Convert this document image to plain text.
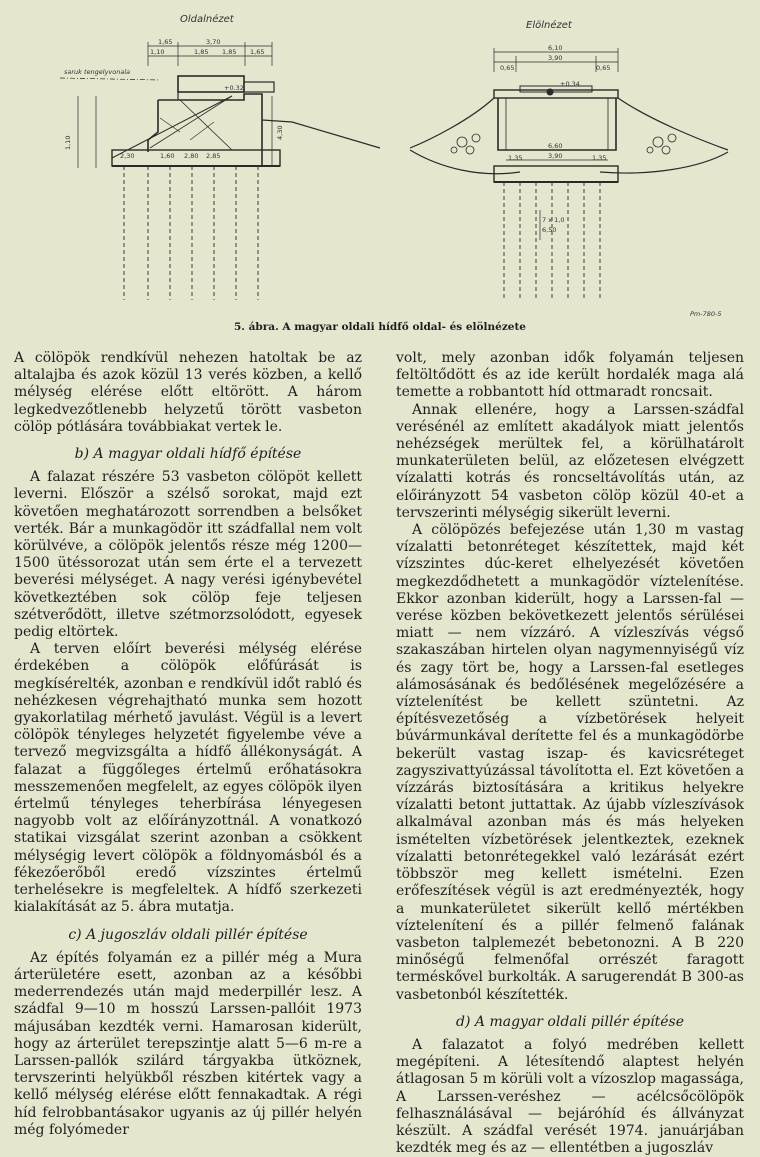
Oldalnézet
Elölnézet
1,65	3,70
1,10	1,85 1,85 1,65
saruk tengelyvonala
+0.32
1,10
2,30	1,60 2,80 2,85
4,30
6,10
3,90
0,65	0,65
+0.34
6,60
3,90
1,35	1,35
7 x 1,0
6,50
Pm-780-5
5. ábra. A magyar oldali hídfő oldal- és elölnézete

A cölöpök rendkívül nehezen hatoltak be az altalajba és azok közül 13 verés közben, a kellő mélység elérése előtt eltörött. A három legkedvezőtlenebb helyzetű törött vasbeton cölöp pótlására továbbiakat vertek le.

b) A magyar oldali hídfő építése

A falazat részére 53 vasbeton cölöpöt kellett leverni. Először a szélső sorokat, majd ezt követően meghatározott sorrendben a belsőket verték. Bár a munkagödör itt szádfallal nem volt körülvéve, a cölöpök jelentős része még 1200—1500 ütéssorozat után sem érte el a tervezett beverési mélységet. A nagy verési igénybevétel következtében sok cölöp feje teljesen szétverődött, illetve szétmorzsolódott, egyesek pedig eltörtek.

A terven előírt beverési mélység elérése érdekében a cölöpök előfúrását is megkísérelték, azonban e rendkívül időt rabló és nehézkesen végrehajtható munka sem hozott gyakorlatilag mérhető javulást. Végül is a levert cölöpök tényleges helyzetét figyelembe véve a tervező megvizsgálta a hídfő állékonyságát. A falazat a függőleges értelmű erőhatásokra messzemenően megfelelt, az egyes cölöpök ilyen értelmű tényleges teherbírása lényegesen nagyobb volt az előírányzottnál. A vonatkozó statikai vizsgálat szerint azonban a csökkent mélységig levert cölöpök a földnyomásból és a fékezőerőből eredő vízszintes értelmű terhelésekre is megfeleltek. A hídfő szerkezeti kialakítását az 5. ábra mutatja.

c) A jugoszláv oldali pillér építése

Az építés folyamán ez a pillér még a Mura árterületére esett, azonban az a későbbi mederrendezés után majd mederpillér lesz. A szádfal 9—10 m hosszú Larssen-pallóit 1973 májusában kezdték verni. Hamarosan kiderült, hogy az árterület terepszintje alatt 5—6 m-re a Larssen-pallók szilárd tárgyakba ütköznek, tervszerinti helyükből részben kitértek vagy a kellő mélység elérése előtt fennakadtak. A régi híd felrobbantásakor ugyanis az új pillér helyén még folyómeder

volt, mely azonban idők folyamán teljesen feltöltődött és az ide került hordalék maga alá temette a robbantott híd ottmaradt roncsait.

Annak ellenére, hogy a Larssen-szádfal verésénél az említett akadályok miatt jelentős nehézségek merültek fel, a körülhatárolt munkaterületen belül, az előzetesen elvégzett vízalatti kotrás és roncseltávolítás után, az előirányzott 54 vasbeton cölöp közül 40-et a tervszerinti mélységig sikerült leverni.

A cölöpözés befejezése után 1,30 m vastag vízalatti betonréteget készítettek, majd két vízszintes dúc-keret elhelyezését követően megkezdődhetett a munkagödör víztelenítése. Ekkor azonban kiderült, hogy a Larssen-fal — verése közben bekövetkezett jelentős sérülései miatt — nem vízzáró. A vízleszívás végső szakaszában hirtelen olyan nagymennyiségű víz és zagy tört be, hogy a Larssen-fal esetleges alámosásának és bedőlésének megelőzésére a víztelenítést be kellett szüntetni. Az építésvezetőség a vízbetörések helyeit búvármunkával derítette fel és a munkagödörbe bekerült vastag iszap- és kavicsréteget zagyszivattyúzással távolította el. Ezt követően a vízzárás biztosítására a kritikus helyekre vízalatti betont juttattak. Az újabb vízleszívások alkalmával azonban más és más helyeken ismételten vízbetörések jelentkeztek, ezeknek vízalatti betonrétegekkel való lezárását ezért többször meg kellett ismételni. Ezen erőfeszítések végül is azt eredményezték, hogy a munkaterületet sikerült kellő mértékben víztelenítení és a pillér felmenő falának vasbeton talplemezét bebetonozni. A B 220 minőségű felmenőfal orrészét faragott terméskővel burkolták. A sarugerendát B 300-as vasbetonból készítették.

d) A magyar oldali pillér építése

A falazatot a folyó medrében kellett megépíteni. A létesítendő alaptest helyén átlagosan 5 m körüli volt a vízoszlop magassága, A Larssen-veréshez — acélcsőcölöpök felhasználásával — bejáróhíd és állványzat készült. A szádfal verését 1974. januárjában kezdték meg és az — ellentétben a jugoszláv
